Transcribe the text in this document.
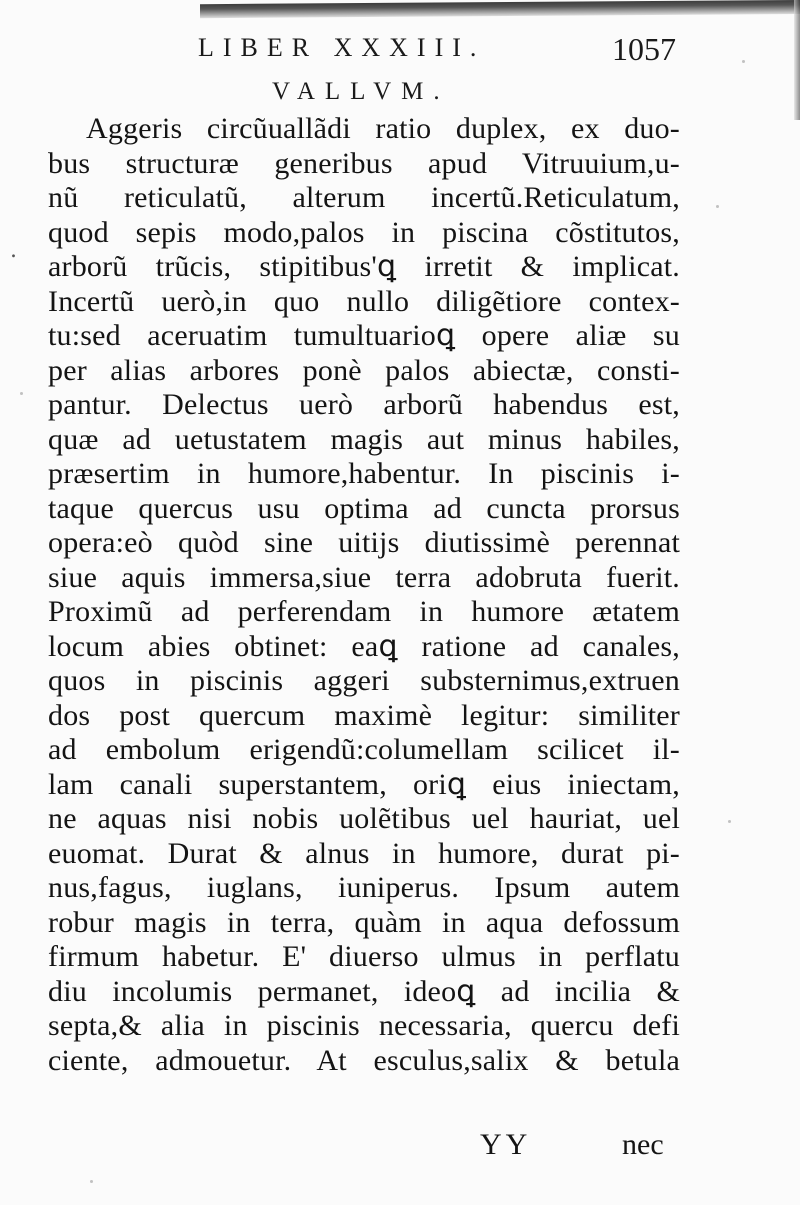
LIBER XXXIII.	1057
VALLVM.
.
Aggeris circũuallãdi ratio duplex, ex duo-
bus structuræ generibus apud Vitruuium,u-
nũ reticulatũ, alterum incertũ.Reticulatum,
quod sepis modo,palos in piscina cõstitutos,
arborũ trũcis, stipitibus'ꝗ irretit & implicat.
Incertũ uerò,in quo nullo diligẽtiore contex-
tu:sed aceruatim tumultuarioꝗ opere aliæ su
per alias arbores ponè palos abiectæ, consti-
pantur. Delectus uerò arborũ habendus est,
quæ ad uetustatem magis aut minus habiles,
præsertim in humore,habentur. In piscinis i-
taque quercus usu optima ad cuncta prorsus
opera:eò quòd sine uitijs diutissimè perennat
siue aquis immersa,siue terra adobruta fuerit.
Proximũ ad perferendam in humore ætatem
locum abies obtinet: eaꝗ ratione ad canales,
quos in piscinis aggeri substernimus,extruen
dos post quercum maximè legitur: similiter
ad embolum erigendũ:columellam scilicet il-
lam canali superstantem, oriꝗ eius iniectam,
ne aquas nisi nobis uolẽtibus uel hauriat, uel
euomat. Durat & alnus in humore, durat pi-
nus,fagus, iuglans, iuniperus. Ipsum autem
robur magis in terra, quàm in aqua defossum
firmum habetur. E' diuerso ulmus in perflatu
diu incolumis permanet, ideoꝗ ad incilia &
septa,& alia in piscinis necessaria, quercu defi
ciente, admouetur. At esculus,salix & betula
YY	nec
